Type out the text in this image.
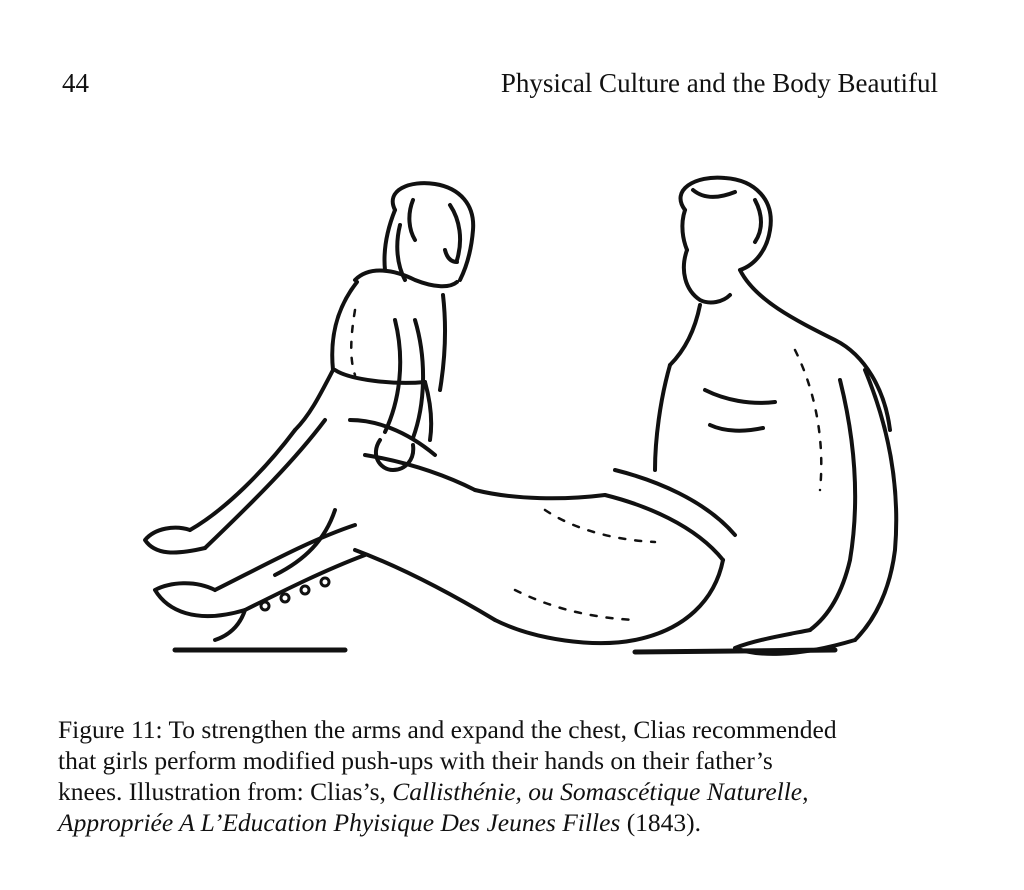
44	Physical Culture and the Body Beautiful

Figure 11: To strengthen the arms and expand the chest, Clias recommended

that girls perform modified push-ups with their hands on their father’s

knees. Illustration from: Clias’s, Callisthénie, ou Somascétique Naturelle,

Appropriée A L’Education Phyisique Des Jeunes Filles (1843).
